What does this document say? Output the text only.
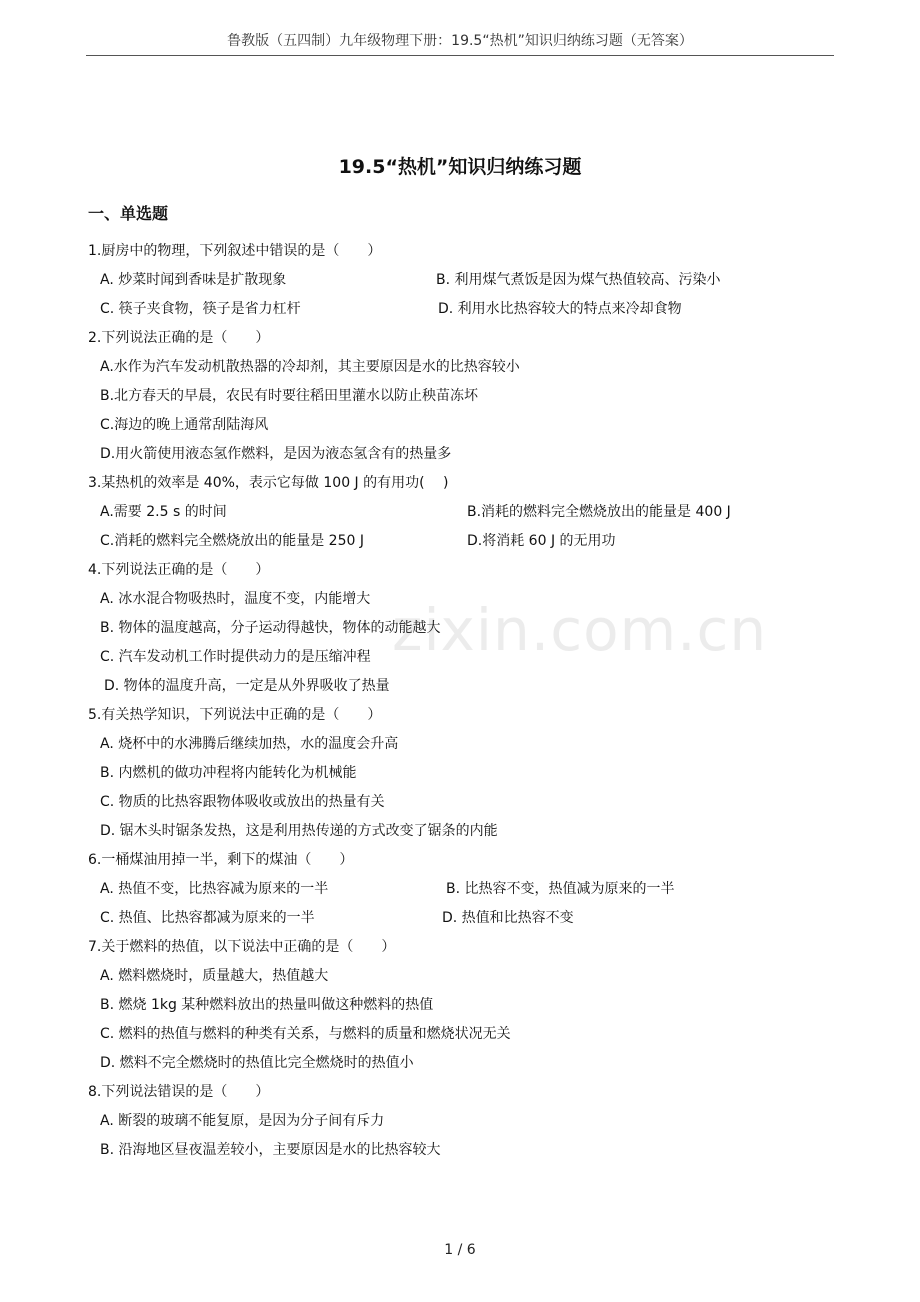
鲁教版（五四制）九年级物理下册：19.5“热机”知识归纳练习题（无答案）
zixin.com.cn
19.5“热机”知识归纳练习题
一、单选题
1.厨房中的物理，下列叙述中错误的是（　　）
A. 炒菜时闻到香味是扩散现象	B. 利用煤气煮饭是因为煤气热值较高、污染小
C. 筷子夹食物，筷子是省力杠杆	D. 利用水比热容较大的特点来冷却食物
2.下列说法正确的是（　　）
A.水作为汽车发动机散热器的冷却剂，其主要原因是水的比热容较小
B.北方春天的早晨，农民有时要往稻田里灌水以防止秧苗冻坏
C.海边的晚上通常刮陆海风
D.用火箭使用液态氢作燃料，是因为液态氢含有的热量多
3.某热机的效率是 40%，表示它每做 100 J 的有用功(　 )
A.需要 2.5 s 的时间	B.消耗的燃料完全燃烧放出的能量是 400 J
C.消耗的燃料完全燃烧放出的能量是 250 J	D.将消耗 60 J 的无用功
4.下列说法正确的是（　　）
A. 冰水混合物吸热时，温度不变，内能增大
B. 物体的温度越高，分子运动得越快，物体的动能越大
C. 汽车发动机工作时提供动力的是压缩冲程
D. 物体的温度升高，一定是从外界吸收了热量
5.有关热学知识，下列说法中正确的是（　　）
A. 烧杯中的水沸腾后继续加热，水的温度会升高
B. 内燃机的做功冲程将内能转化为机械能
C. 物质的比热容跟物体吸收或放出的热量有关
D. 锯木头时锯条发热，这是利用热传递的方式改变了锯条的内能
6.一桶煤油用掉一半，剩下的煤油（　　）
A. 热值不变，比热容减为原来的一半	B. 比热容不变，热值减为原来的一半
C. 热值、比热容都减为原来的一半	D. 热值和比热容不变
7.关于燃料的热值，以下说法中正确的是（　　）
A. 燃料燃烧时，质量越大，热值越大
B. 燃烧 1kg 某种燃料放出的热量叫做这种燃料的热值
C. 燃料的热值与燃料的种类有关系，与燃料的质量和燃烧状况无关
D. 燃料不完全燃烧时的热值比完全燃烧时的热值小
8.下列说法错误的是（　　）
A. 断裂的玻璃不能复原，是因为分子间有斥力
B. 沿海地区昼夜温差较小，主要原因是水的比热容较大
1 / 6
